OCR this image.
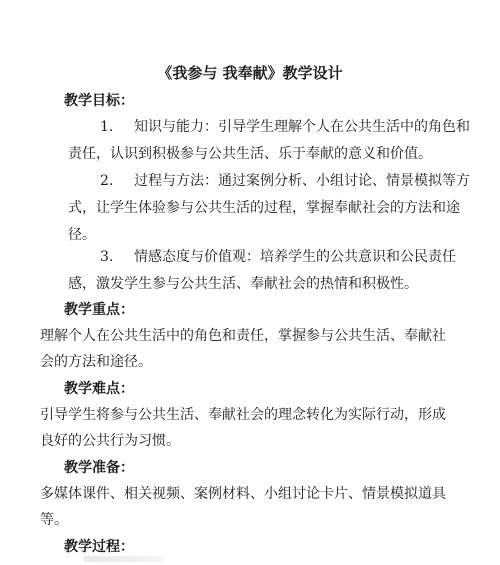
《我参与 我奉献》教学设计
教学目标：
1. 知识与能力：引导学生理解个人在公共生活中的角色和
责任，认识到积极参与公共生活、乐于奉献的意义和价值。
2. 过程与方法：通过案例分析、小组讨论、情景模拟等方
式，让学生体验参与公共生活的过程，掌握奉献社会的方法和途
径。
3. 情感态度与价值观：培养学生的公共意识和公民责任
感，激发学生参与公共生活、奉献社会的热情和积极性。
教学重点：
理解个人在公共生活中的角色和责任，掌握参与公共生活、奉献社
会的方法和途径。
教学难点：
引导学生将参与公共生活、奉献社会的理念转化为实际行动，形成
良好的公共行为习惯。
教学准备：
多媒体课件、相关视频、案例材料、小组讨论卡片、情景模拟道具
等。
教学过程：
